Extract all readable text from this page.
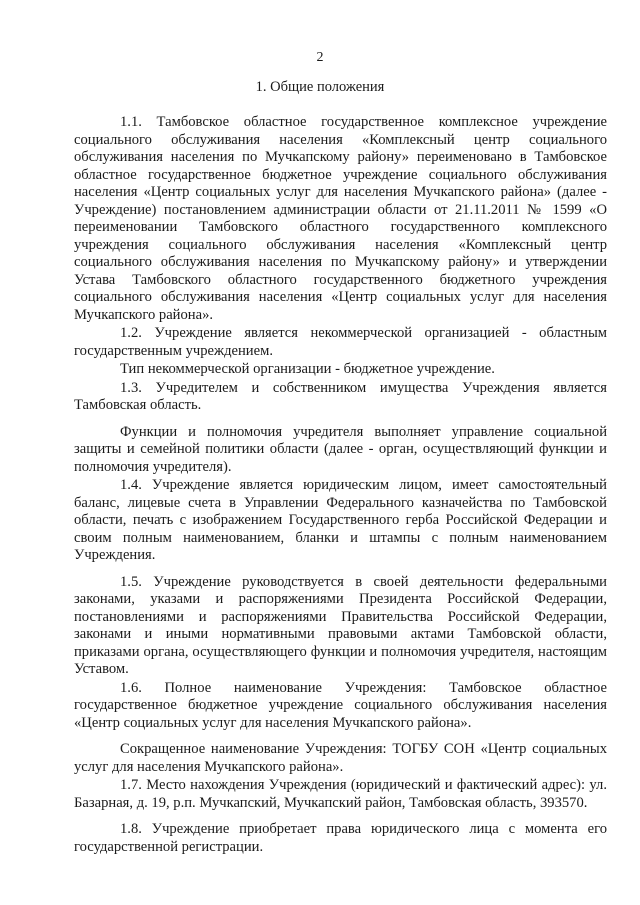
2
1. Общие положения

1.1. Тамбовское областное государственное комплексное учреждение социального обслуживания населения «Комплексный центр социального обслуживания населения по Мучкапскому району» переименовано в Тамбовское областное государственное бюджетное учреждение социального обслуживания населения «Центр социальных услуг для населения Мучкапского района» (далее - Учреждение) постановлением администрации области от 21.11.2011 № 1599 «О переименовании Тамбовского областного государственного комплексного учреждения социального обслуживания населения «Комплексный центр социального обслуживания населения по Мучкапскому району» и утверждении Устава Тамбовского областного государственного бюджетного учреждения социального обслуживания населения «Центр социальных услуг для населения Мучкапского района».

1.2. Учреждение является некоммерческой организацией - областным государственным учреждением.

Тип некоммерческой организации - бюджетное учреждение.

1.3. Учредителем и собственником имущества Учреждения является Тамбовская область.

Функции и полномочия учредителя выполняет управление социальной защиты и семейной политики области (далее - орган, осуществляющий функции и полномочия учредителя).

1.4. Учреждение является юридическим лицом, имеет самостоятельный баланс, лицевые счета в Управлении Федерального казначейства по Тамбовской области, печать с изображением Государственного герба Российской Федерации и своим полным наименованием, бланки и штампы с полным наименованием Учреждения.

1.5. Учреждение руководствуется в своей деятельности федеральными законами, указами и распоряжениями Президента Российской Федерации, постановлениями и распоряжениями Правительства Российской Федерации, законами и иными нормативными правовыми актами Тамбовской области, приказами органа, осуществляющего функции и полномочия учредителя, настоящим Уставом.

1.6. Полное наименование Учреждения: Тамбовское областное государственное бюджетное учреждение социального обслуживания населения «Центр социальных услуг для населения Мучкапского района».

Сокращенное наименование Учреждения: ТОГБУ СОН «Центр социальных услуг для населения Мучкапского района».

1.7. Место нахождения Учреждения (юридический и фактический адрес): ул. Базарная, д. 19, р.п. Мучкапский, Мучкапский район, Тамбовская область, 393570.

1.8. Учреждение приобретает права юридического лица с момента его государственной регистрации.
